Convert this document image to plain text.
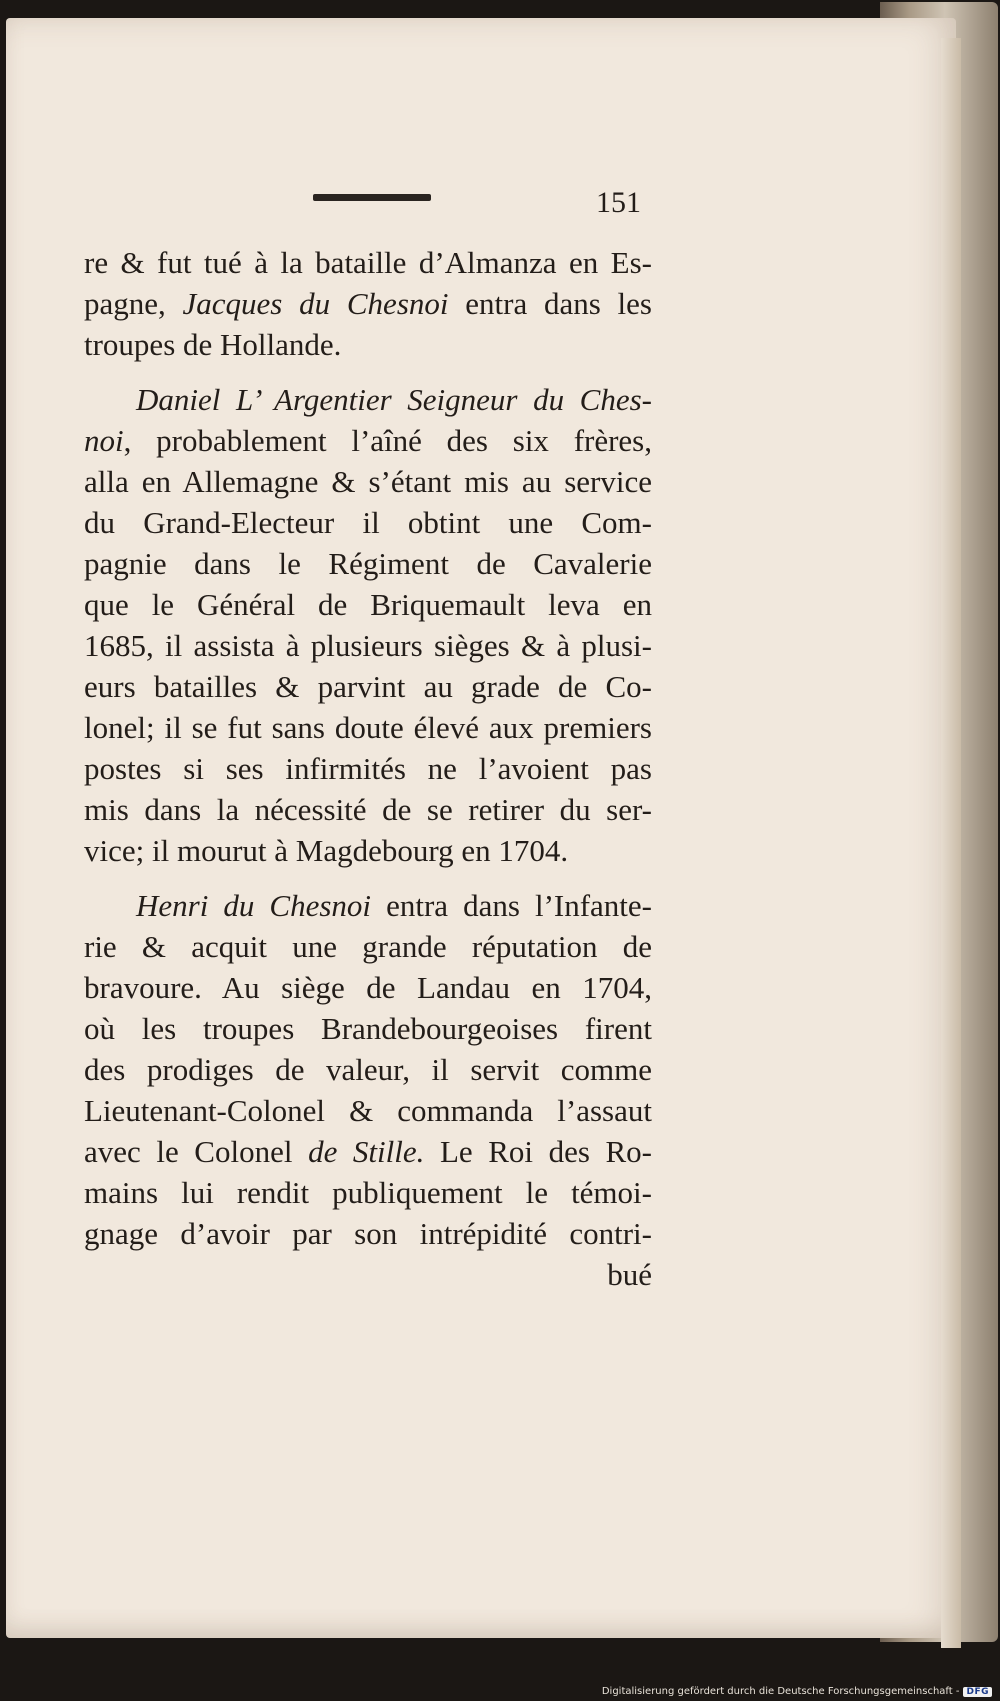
151
re & fut tué à la bataille d’Almanza en Es-
pagne, Jacques du Chesnoi entra dans les
troupes de Hollande.
Daniel L’ Argentier Seigneur du Ches-
noi, probablement l’aîné des six frères,
alla en Allemagne & s’étant mis au service
du Grand-Electeur il obtint une Com-
pagnie dans le Régiment de Cavalerie
que le Général de Briquemault leva en
1685, il assista à plusieurs sièges & à plusi-
eurs batailles & parvint au grade de Co-
lonel; il se fut sans doute élevé aux premiers
postes si ses infirmités ne l’avoient pas
mis dans la nécessité de se retirer du ser-
vice; il mourut à Magdebourg en 1704.
Henri du Chesnoi entra dans l’Infante-
rie & acquit une grande réputation de
bravoure. Au siège de Landau en 1704,
où les troupes Brandebourgeoises firent
des prodiges de valeur, il servit comme
Lieutenant-Colonel & commanda l’assaut
avec le Colonel de Stille. Le Roi des Ro-
mains lui rendit publiquement le témoi-
gnage d’avoir par son intrépidité contri-
bué
Digitalisierung gefördert durch die Deutsche Forschungsgemeinschaft - DFG
